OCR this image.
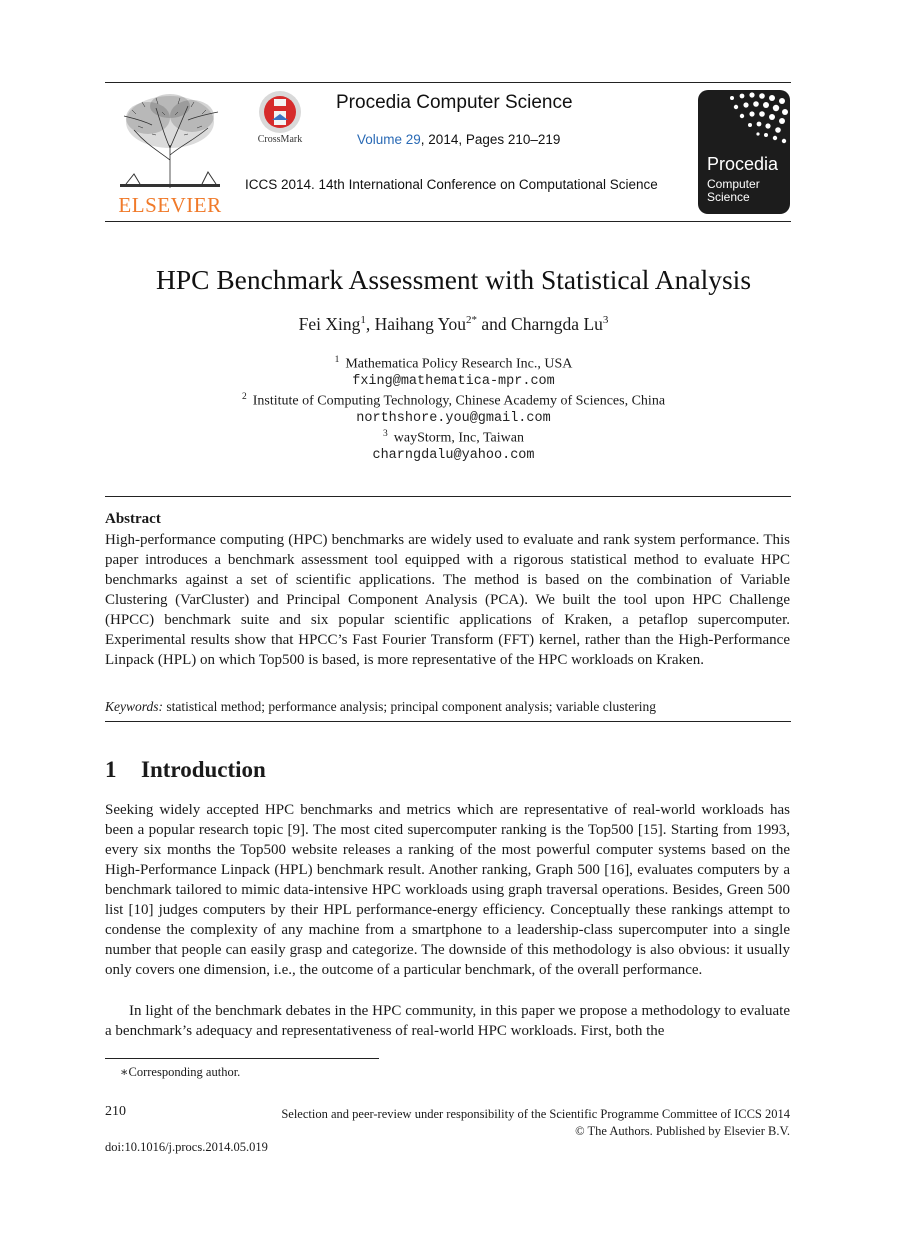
ELSEVIER
CrossMark
Procedia Computer Science
Volume 29, 2014, Pages 210–219
ICCS 2014. 14th International Conference on Computational Science
Procedia
Computer
Science
HPC Benchmark Assessment with Statistical Analysis
Fei Xing$^1$, Haihang You$^{2*}$ and Charngda Lu$^3$
$^1$ Mathematica Policy Research Inc., USA
fxing@mathematica-mpr.com
$^2$ Institute of Computing Technology, Chinese Academy of Sciences, China
northshore.you@gmail.com
$^3$ wayStorm, Inc, Taiwan
charngdalu@yahoo.com
Abstract
High-performance computing (HPC) benchmarks are widely used to evaluate and rank system performance. This paper introduces a benchmark assessment tool equipped with a rigorous statistical method to evaluate HPC benchmarks against a set of scientific applications. The method is based on the combination of Variable Clustering (VarCluster) and Principal Component Analysis (PCA). We built the tool upon HPC Challenge (HPCC) benchmark suite and six popular scientific applications of Kraken, a petaflop supercomputer. Experimental results show that HPCC’s Fast Fourier Transform (FFT) kernel, rather than the High-Performance Linpack (HPL) on which Top500 is based, is more representative of the HPC workloads on Kraken.
Keywords: statistical method; performance analysis; principal component analysis; variable clustering
1 Introduction
Seeking widely accepted HPC benchmarks and metrics which are representative of real-world workloads has been a popular research topic [9]. The most cited supercomputer ranking is the Top500 [15]. Starting from 1993, every six months the Top500 website releases a ranking of the most powerful computer systems based on the High-Performance Linpack (HPL) benchmark result. Another ranking, Graph 500 [16], evaluates computers by a benchmark tailored to mimic data-intensive HPC workloads using graph traversal operations. Besides, Green 500 list [10] judges computers by their HPL performance-energy efficiency. Conceptually these rankings attempt to condense the complexity of any machine from a smartphone to a leadership-class supercomputer into a single number that people can easily grasp and categorize. The downside of this methodology is also obvious: it usually only covers one dimension, i.e., the outcome of a particular benchmark, of the overall performance.
In light of the benchmark debates in the HPC community, in this paper we propose a methodology to evaluate a benchmark’s adequacy and representativeness of real-world HPC workloads. First, both the
∗Corresponding author.
210	Selection and peer-review under responsibility of the Scientific Programme Committee of ICCS 2014
© The Authors. Published by Elsevier B.V.
doi:10.1016/j.procs.2014.05.019
